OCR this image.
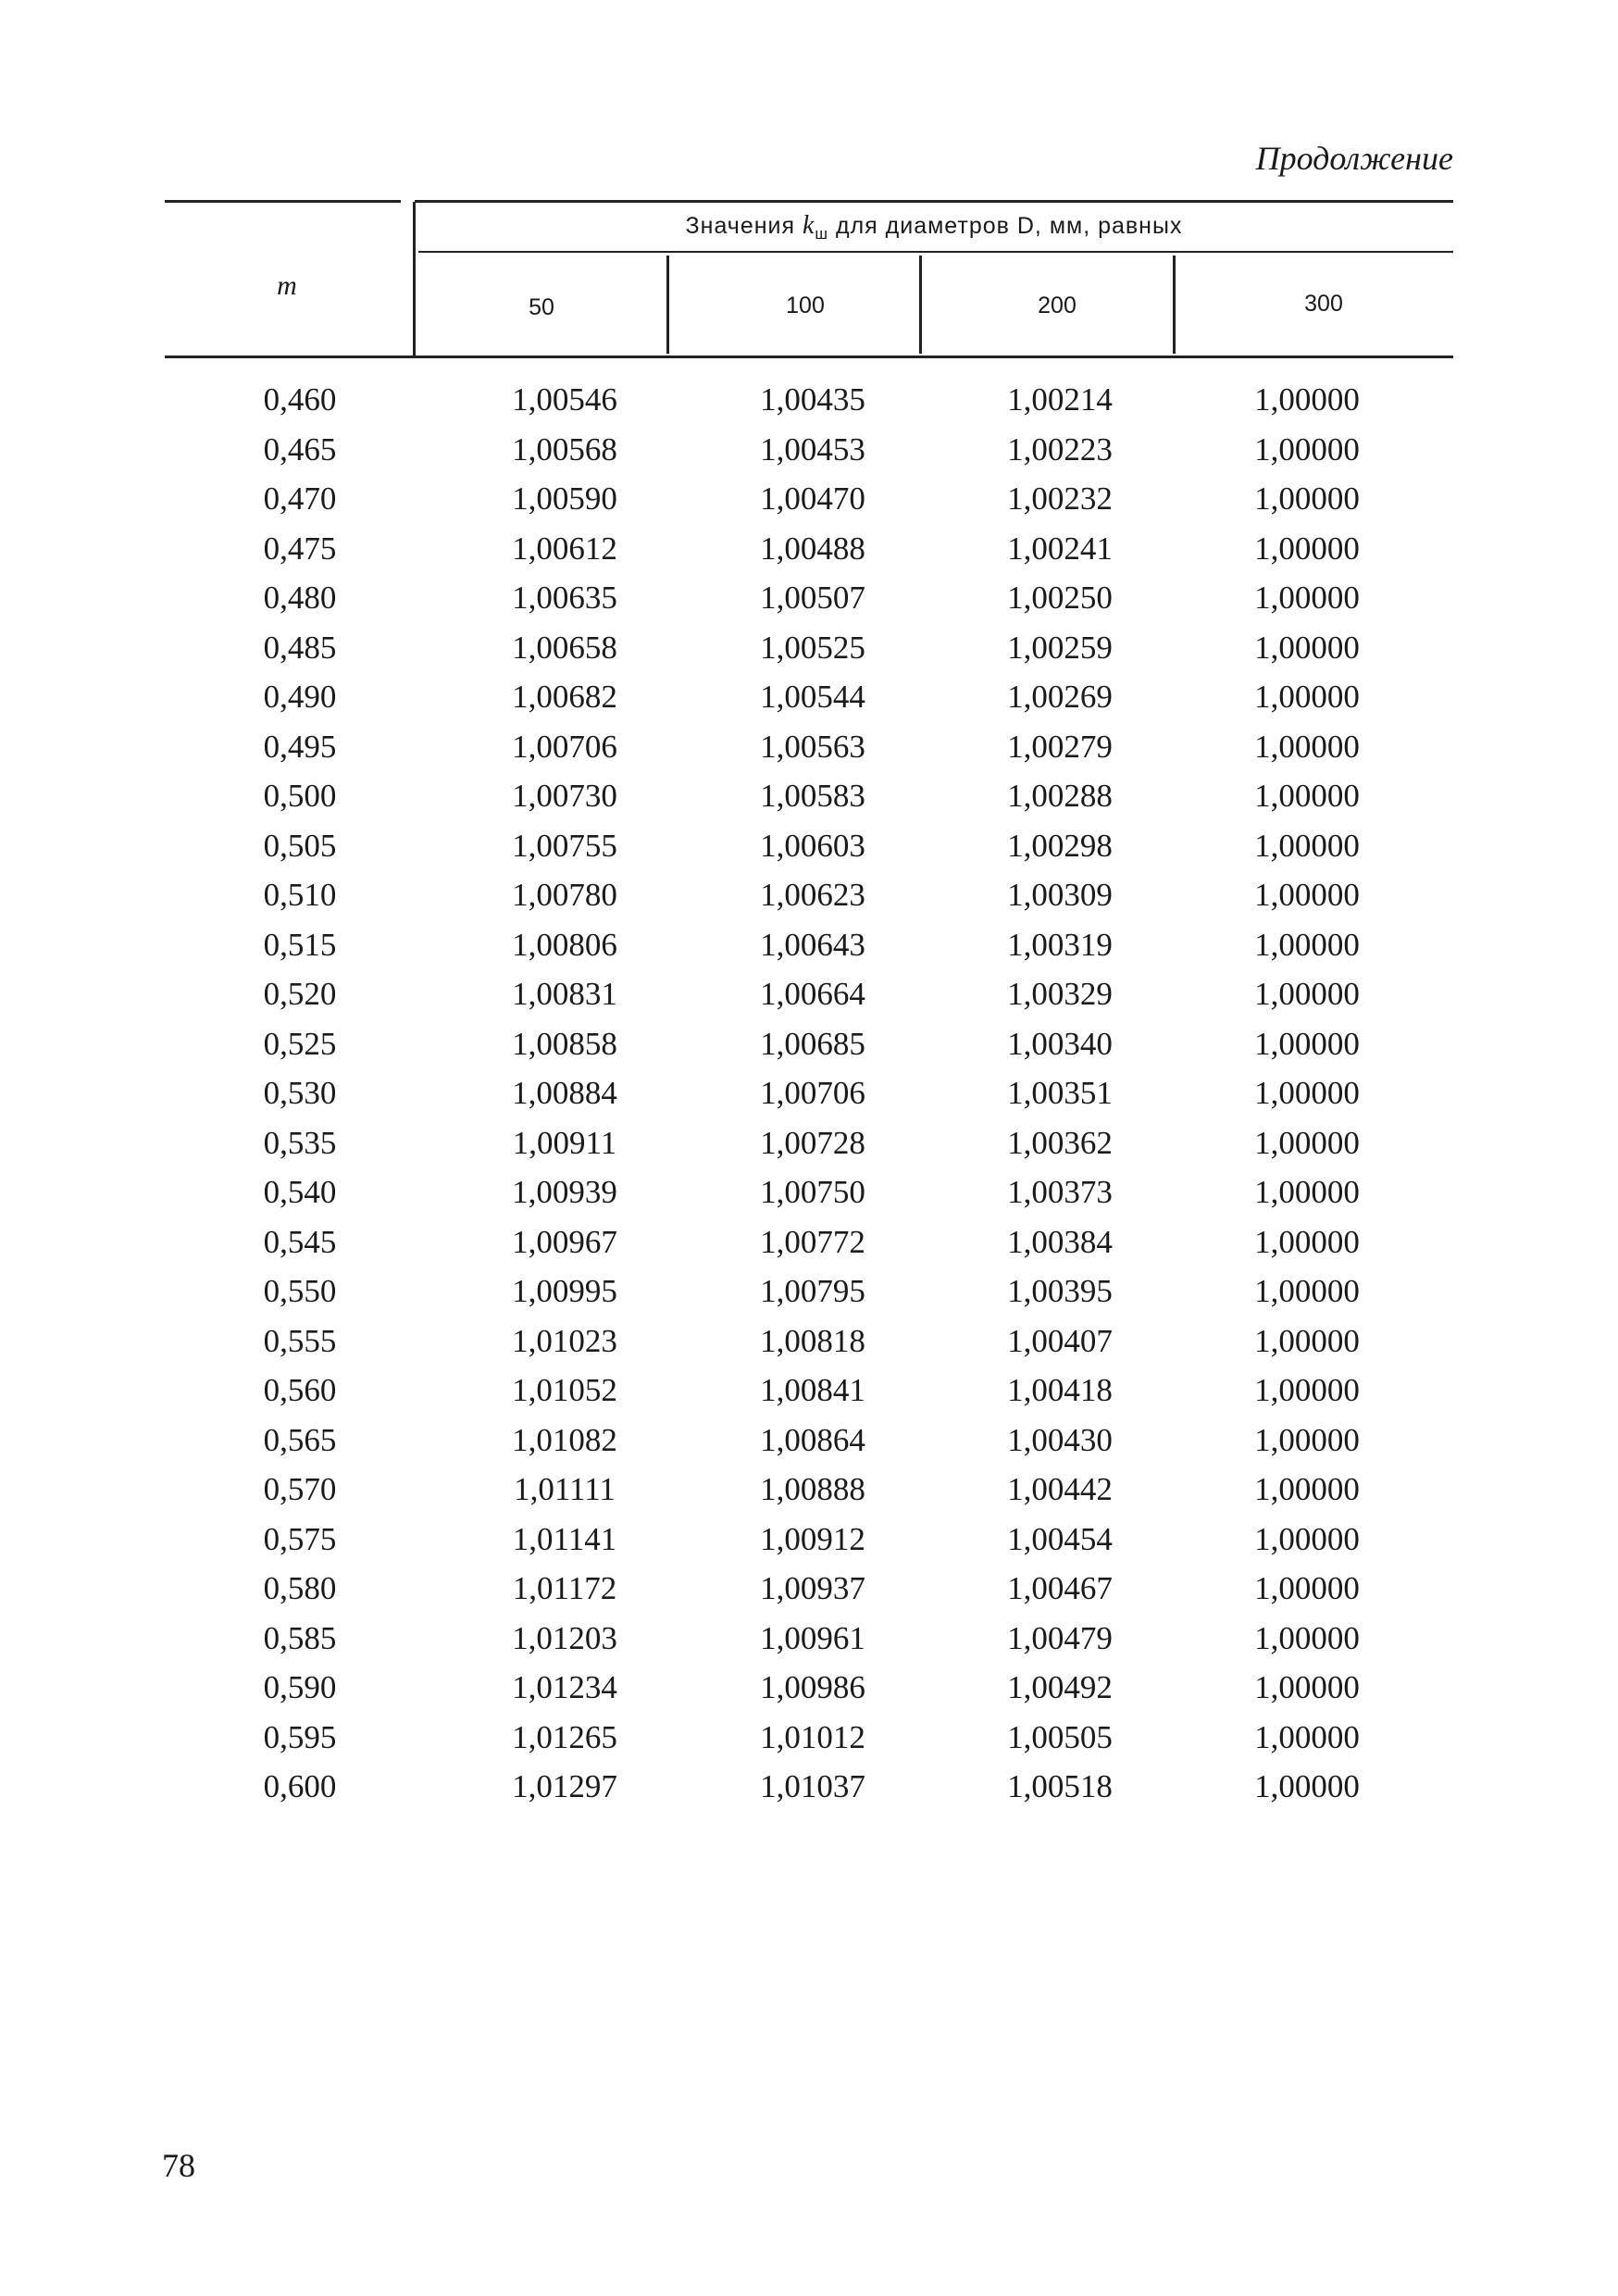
Продолжение
Значения $k_ш$ для диаметров D, мм, равных
m
50	100	200	300
0,460	1,00546	1,00435	1,00214	1,00000
0,465	1,00568	1,00453	1,00223	1,00000
0,470	1,00590	1,00470	1,00232	1,00000
0,475	1,00612	1,00488	1,00241	1,00000
0,480	1,00635	1,00507	1,00250	1,00000
0,485	1,00658	1,00525	1,00259	1,00000
0,490	1,00682	1,00544	1,00269	1,00000
0,495	1,00706	1,00563	1,00279	1,00000
0,500	1,00730	1,00583	1,00288	1,00000
0,505	1,00755	1,00603	1,00298	1,00000
0,510	1,00780	1,00623	1,00309	1,00000
0,515	1,00806	1,00643	1,00319	1,00000
0,520	1,00831	1,00664	1,00329	1,00000
0,525	1,00858	1,00685	1,00340	1,00000
0,530	1,00884	1,00706	1,00351	1,00000
0,535	1,00911	1,00728	1,00362	1,00000
0,540	1,00939	1,00750	1,00373	1,00000
0,545	1,00967	1,00772	1,00384	1,00000
0,550	1,00995	1,00795	1,00395	1,00000
0,555	1,01023	1,00818	1,00407	1,00000
0,560	1,01052	1,00841	1,00418	1,00000
0,565	1,01082	1,00864	1,00430	1,00000
0,570	1,01111	1,00888	1,00442	1,00000
0,575	1,01141	1,00912	1,00454	1,00000
0,580	1,01172	1,00937	1,00467	1,00000
0,585	1,01203	1,00961	1,00479	1,00000
0,590	1,01234	1,00986	1,00492	1,00000
0,595	1,01265	1,01012	1,00505	1,00000
0,600	1,01297	1,01037	1,00518	1,00000
78
